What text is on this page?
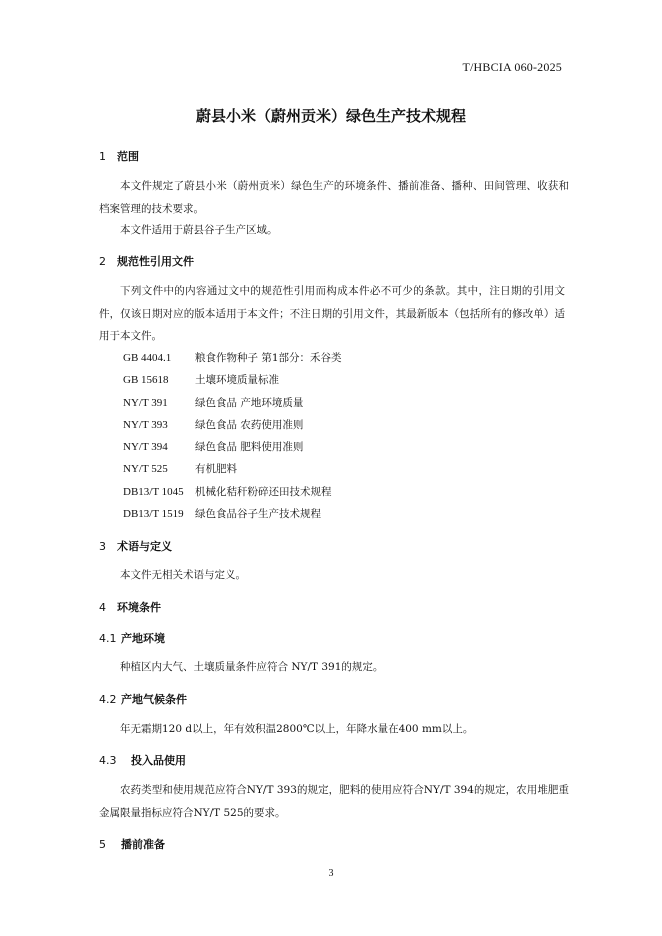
T/HBCIA 060-2025
蔚县小米（蔚州贡米）绿色生产技术规程
1 范围
本文件规定了蔚县小米（蔚州贡米）绿色生产的环境条件、播前准备、播种、田间管理、收获和档案管理的技术要求。
本文件适用于蔚县谷子生产区域。
2 规范性引用文件
下列文件中的内容通过文中的规范性引用而构成本件必不可少的条款。其中，注日期的引用文件，仅该日期对应的版本适用于本文件；不注日期的引用文件，其最新版本（包括所有的修改单）适用于本文件。
GB 4404.1 粮食作物种子 第1部分：禾谷类
GB 15618	土壤环境质量标准
NY/T 391	绿色食品 产地环境质量
NY/T 393	绿色食品 农药使用准则
NY/T 394	绿色食品 肥料使用准则
NY/T 525	有机肥料
DB13/T 1045 机械化秸秆粉碎还田技术规程
DB13/T 1519 绿色食品谷子生产技术规程
3 术语与定义
本文件无相关术语与定义。
4 环境条件
4.1 产地环境
种植区内大气、土壤质量条件应符合 NY/T 391的规定。
4.2 产地气候条件
年无霜期120 d以上，年有效积温2800℃以上，年降水量在400 mm以上。
4.3 投入品使用
农药类型和使用规范应符合NY/T 393的规定，肥料的使用应符合NY/T 394的规定，农用堆肥重金属限量指标应符合NY/T 525的要求。
5 播前准备
3
